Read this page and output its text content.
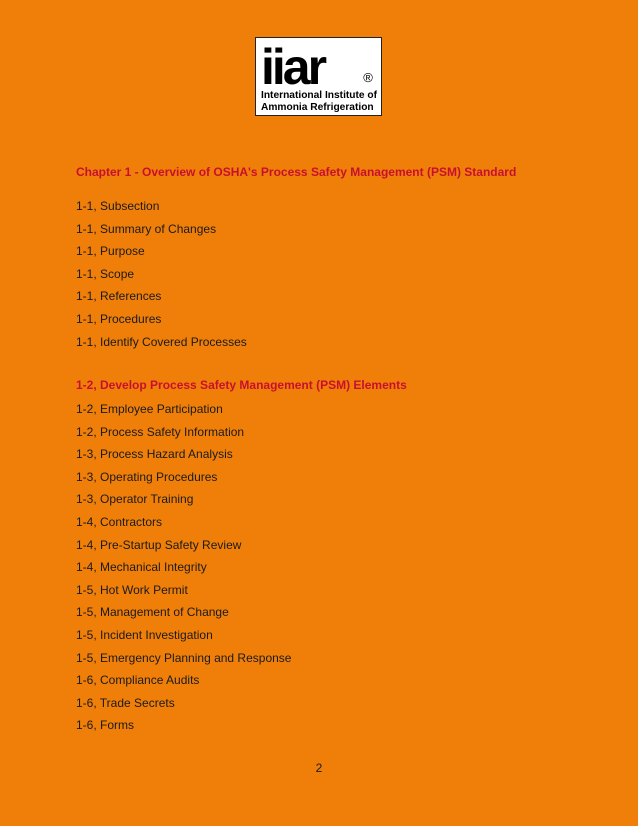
iiar	®
International Institute of
Ammonia Refrigeration
Chapter 1 - Overview of OSHA's Process Safety Management (PSM) Standard
1-1, Subsection
1-1, Summary of Changes
1-1, Purpose
1-1, Scope
1-1, References
1-1, Procedures
1-1, Identify Covered Processes
1-2, Develop Process Safety Management (PSM) Elements
1-2, Employee Participation
1-2, Process Safety Information
1-3, Process Hazard Analysis
1-3, Operating Procedures
1-3, Operator Training
1-4, Contractors
1-4, Pre-Startup Safety Review
1-4, Mechanical Integrity
1-5, Hot Work Permit
1-5, Management of Change
1-5, Incident Investigation
1-5, Emergency Planning and Response
1-6, Compliance Audits
1-6, Trade Secrets
1-6, Forms
2
